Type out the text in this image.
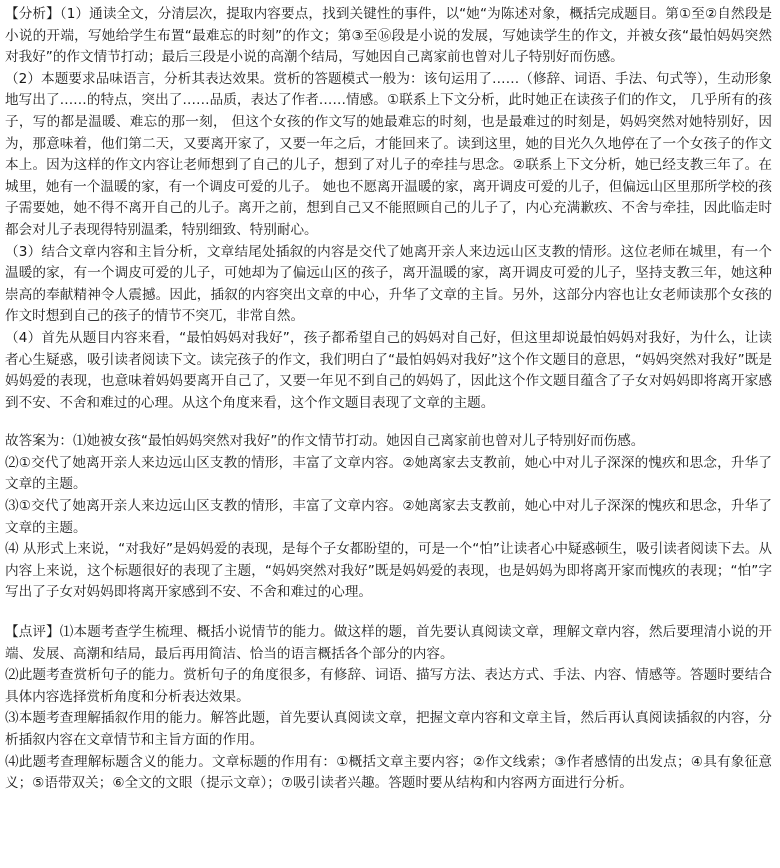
【分析】（1）通读全文，分清层次，提取内容要点，找到关键性的事件，以“她“为陈述对象，概括完成题目。第①至②自然段是小说的开端，写她给学生布置“最难忘的时刻”的作文；第③至⑯段是小说的发展，写她读学生的作文，并被女孩“最怕妈妈突然对我好”的作文情节打动；最后三段是小说的高潮个结局，写她因自己离家前也曾对儿子特别好而伤感。

（2）本题要求品味语言，分析其表达效果。赏析的答题模式一般为：该句运用了……（修辞、词语、手法、句式等），生动形象地写出了……的特点，突出了……品质，表达了作者……情感。①联系上下文分析，此时她正在读孩子们的作文， 几乎所有的孩子，写的都是温暖、难忘的那一刻， 但这个女孩的作文写的她最难忘的时刻，也是最难过的时刻是，妈妈突然对她特别好，因为，那意味着，他们第二天，又要离开家了，又要一年之后，才能回来了。读到这里，她的目光久久地停在了一个女孩子的作文本上。因为这样的作文内容让老师想到了自己的儿子，想到了对儿子的牵挂与思念。②联系上下文分析，她已经支教三年了。在城里，她有一个温暖的家，有一个调皮可爱的儿子。 她也不愿离开温暖的家，离开调皮可爱的儿子，但偏远山区里那所学校的孩子需要她，她不得不离开自己的儿子。离开之前，想到自己又不能照顾自己的儿子了，内心充满歉疚、不舍与牵挂，因此临走时 都会对儿子表现得特别温柔，特别细致、特别耐心。

（3）结合文章内容和主旨分析，文章结尾处插叙的内容是交代了她离开亲人来边远山区支教的情形。这位老师在城里，有一个温暖的家，有一个调皮可爱的儿子，可她却为了偏远山区的孩子，离开温暖的家，离开调皮可爱的儿子，坚持支教三年，她这种崇高的奉献精神令人震撼。因此，插叙的内容突出文章的中心，升华了文章的主旨。另外，这部分内容也让女老师读那个女孩的作文时想到自己的孩子的情节不突兀，非常自然。

（4）首先从题目内容来看，“最怕妈妈对我好”，孩子都希望自己的妈妈对自己好，但这里却说最怕妈妈对我好，为什么，让读者心生疑惑，吸引读者阅读下文。读完孩子的作文，我们明白了“最怕妈妈对我好”这个作文题目的意思，“妈妈突然对我好”既是妈妈爱的表现，也意味着妈妈要离开自己了，又要一年见不到自己的妈妈了，因此这个作文题目蕴含了子女对妈妈即将离开家感到不安、不舍和难过的心理。从这个角度来看，这个作文题目表现了文章的主题。

故答案为：⑴她被女孩“最怕妈妈突然对我好”的作文情节打动。她因自己离家前也曾对儿子特别好而伤感。

⑵①交代了她离开亲人来边远山区支教的情形，丰富了文章内容。②她离家去支教前，她心中对儿子深深的愧疚和思念，升华了文章的主题。

⑶①交代了她离开亲人来边远山区支教的情形，丰富了文章内容。②她离家去支教前，她心中对儿子深深的愧疚和思念，升华了文章的主题。

⑷ 从形式上来说，“对我好”是妈妈爱的表现，是每个子女都盼望的，可是一个“怕”让读者心中疑惑顿生，吸引读者阅读下去。从内容上来说，这个标题很好的表现了主题，“妈妈突然对我好”既是妈妈爱的表现，也是妈妈为即将离开家而愧疚的表现；“怕”字写出了子女对妈妈即将离开家感到不安、不舍和难过的心理。

【点评】⑴本题考查学生梳理、概括小说情节的能力。做这样的题，首先要认真阅读文章，理解文章内容，然后要理清小说的开端、发展、高潮和结局，最后再用简洁、恰当的语言概括各个部分的内容。

⑵此题考查赏析句子的能力。赏析句子的角度很多，有修辞、词语、描写方法、表达方式、手法、内容、情感等。答题时要结合具体内容选择赏析角度和分析表达效果。

⑶本题考查理解插叙作用的能力。解答此题，首先要认真阅读文章，把握文章内容和文章主旨，然后再认真阅读插叙的内容，分析插叙内容在文章情节和主旨方面的作用。

⑷此题考查理解标题含义的能力。文章标题的作用有：①概括文章主要内容；②作文线索；③作者感情的出发点；④具有象征意义；⑤语带双关；⑥全文的文眼（提示文章）；⑦吸引读者兴趣。答题时要从结构和内容两方面进行分析。
